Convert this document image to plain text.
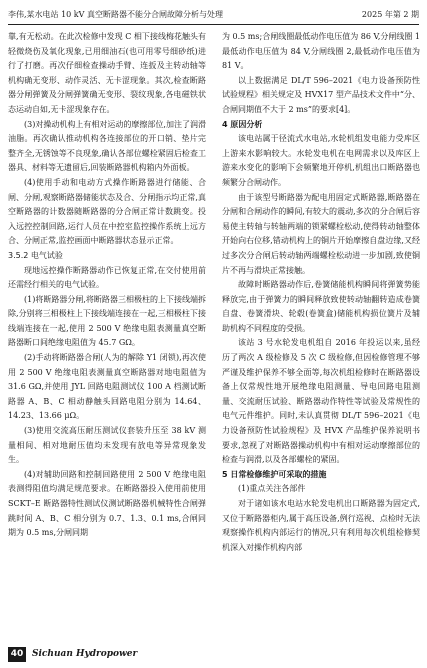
李伟,某水电站 10 kV 真空断路器不能分合闸故障分析与处理	2025 年第 2 期
靠,有无松动。在此次检修中发现 C 相下接线梅花触头有轻微烧伤及氧化现象,已用细油石(也可用零号细砂纸)进行了打磨。再次仔细检查操动手臂、连扳及主转动轴等机构确无变形、动作灵活、无卡涩现象。其次,检查断路器分闸弹簧及分闸弹簧确无变形、裂纹现象,各电磁铁状态运动自如,无卡涩现象存在。
(3)对操动机构上有相对运动的摩擦部位,加注了润滑油脂。再次确认推动机构各连接部位的开口销、垫片完整齐全,无锈蚀等不良现象,确认各部位螺栓紧固后检查工器具、材料等无遗留后,回装断路器机构箱内外面板。
(4)使用手动和电动方式操作断路器进行储能、合闸、分闸,观察断路器储能状态及合、分闸指示均正常,真空断路器的计数器随断路器的分合闸正常计数跳变。投入远控控制回路,运行人员在中控室监控操作系统上远方合、分闸正常,监控画面中断路器状态显示正常。
3.5.2 电气试验
现地远控操作断路器动作已恢复正常,在交付使用前还需经行相关的电气试验。
(1)将断路器分闸,将断路器三相极柱的上下接线端拆除,分别将三相极柱上下接线端连接在一起,三相极柱下接线端连接在一起,使用 2 500 V 绝缘电阻表测量真空断路器断口间绝缘电阻值为 45.7 GΩ。
(2)手动将断路器合闸(人为的解除 Y1 闭锁),再次使用 2 500 V 绝缘电阻表测量真空断路器对地电阻值为 31.6 GΩ,并使用 JYL 回路电阻测试仪 100 A 档测试断路器 A、B、C 相动静触头回路电阻分别为 14.64、14.23、13.66 μΩ。
(3)使用交流高压耐压测试仪套装升压至 38 kV 测量相间、相对地耐压值均未发现有放电等异常现象发生。
(4)对辅助回路和控制回路使用 2 500 V 绝缘电阻表测得阻值均满足规范要求。在断路器投入使用前使用 SCKT–E 断路器特性测试仪测试断路器机械特性合闸弹跳时间 A、B、C 相分别为 0.7、1.3、0.1 ms,合闸同期为 0.5 ms,分闸同期
为 0.5 ms;合闸线圈最低动作电压值为 86 V,分闸线圈 1 最低动作电压值为 84 V,分闸线圈 2,最低动作电压值为 81 V。
以上数据满足 DL/T 596–2021《电力设备预防性试验规程》相关规定及 HVX17 型产品技术文件中“分、合闸同期值不大于 2 ms”的要求[4]。
4 原因分析
该电站属于径流式水电站,水轮机组发电能力受库区上游来水影响较大。水轮发电机在电网需求以及库区上游来水变化的影响下会频繁地开停机,机组出口断路器也频繁分合闸动作。
由于该型号断路器为配电用固定式断路器,断路器在分闸和合闸动作的瞬间,有较大的震动,多次的分合闸后容易使主转轴与转轴两端的锁紧螺栓松动,使得转动轴整体开始向右位移,错动机构上的铜片开始摩擦自盘边缘,又经过多次分合闸后转动轴两端螺栓松动进一步加剧,致使铜片不再与滑块正常接触。
故障时断路器动作后,卷簧储能机构瞬间将弹簧势能释放完,由于弹簧力的瞬间释放致使转动轴翻转造成卷簧自盘、卷簧滑块、轮毂(卷簧盒)储能机构损位簧片及辅助机构不同程度的受损。
该站 3 号水轮发电机组自 2016 年投运以来,虽经历了两次 A 级检修及 5 次 C 级检修,但因检修管理不够严谨及维护保养不够全面等,每次机组检修时在断路器设备上仅常规性地开展绝缘电阻测量、导电回路电阻测量、交流耐压试验、断路器动作特性等试验及常规性的电气元件维护。同时,未认真贯彻 DL/T 596–2021《电力设备预防性试验规程》及 HVX 产品维护保养说明书要求,忽视了对断路器操动机构中有相对运动摩擦部位的检查与润滑,以及各部螺栓的紧固。
5 日常检修维护可采取的措施
(1)重点关注各部件
对于诸如该水电站水轮发电机出口断路器为固定式,又位于断路器柜内,属于高压设备,例行巡视、点检时无法观察操作机构内部运行的情况,只有利用每次机组检修契机深入对操作机构内部
40 Sichuan Hydropower
